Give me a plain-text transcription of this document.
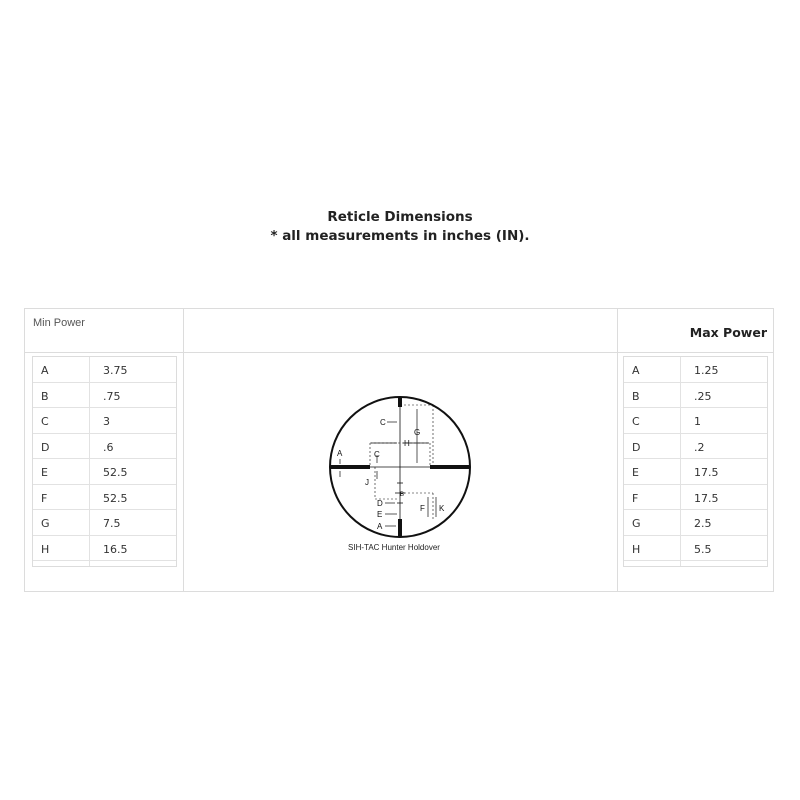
Reticle Dimensions
* all measurements in inches (IN).
Min Power
Max Power
A	3.75
B	.75
C	3
D	.6
E	52.5
F	52.5
G	7.5
H	16.5
A	1.25
B	.25
C	1
D	.2
E	17.5
F	17.5
G	2.5
H	5.5
C
G
H
A	C
J
B
D
E
A
F K
SIH-TAC Hunter Holdover
